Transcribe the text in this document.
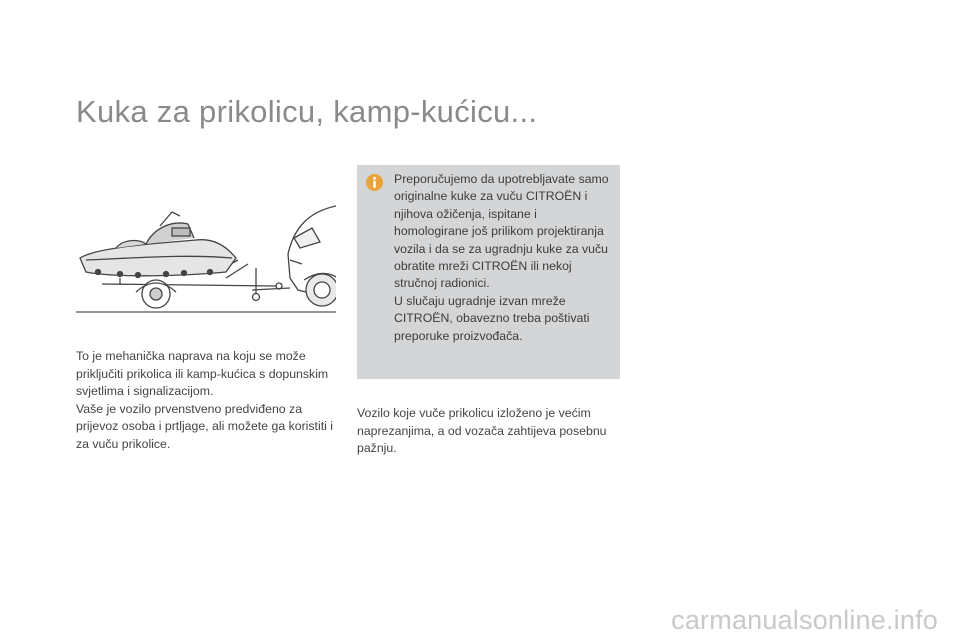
Kuka za prikolicu, kamp-kućicu...

To je mehanička naprava na koju se može priključiti prikolica ili kamp-kućica s dopunskim svjetlima i signalizacijom.

Vaše je vozilo prvenstveno predviđeno za prijevoz osoba i prtljage, ali možete ga koristiti i za vuču prikolice.

Preporučujemo da upotrebljavate samo originalne kuke za vuču CITROËN i njihova ožičenja, ispitane i homologirane još prilikom projektiranja vozila i da se za ugradnju kuke za vuču obratite mreži CITROËN ili nekoj stručnoj radionici.

U slučaju ugradnje izvan mreže CITROËN, obavezno treba poštivati preporuke proizvođača.

Vozilo koje vuče prikolicu izloženo je većim naprezanjima, a od vozača zahtijeva posebnu pažnju.

carmanualsonline.info
